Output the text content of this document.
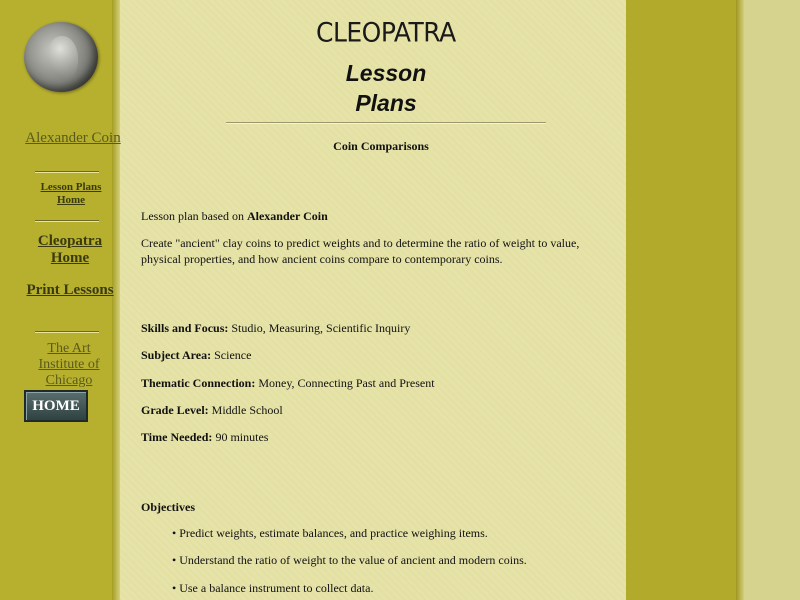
Alexander Coin
Lesson Plans Home
Cleopatra Home
Print Lessons
The Art Institute of Chicago
HOME
CLEOPATRA
Lesson
Plans
Coin Comparisons
Lesson plan based on Alexander Coin
Create "ancient" clay coins to predict weights and to determine the ratio of weight to value, physical properties, and how ancient coins compare to contemporary coins.
Skills and Focus: Studio, Measuring, Scientific Inquiry
Subject Area: Science
Thematic Connection: Money, Connecting Past and Present
Grade Level: Middle School
Time Needed: 90 minutes
Objectives
• Predict weights, estimate balances, and practice weighing items.
• Understand the ratio of weight to the value of ancient and modern coins.
• Use a balance instrument to collect data.
